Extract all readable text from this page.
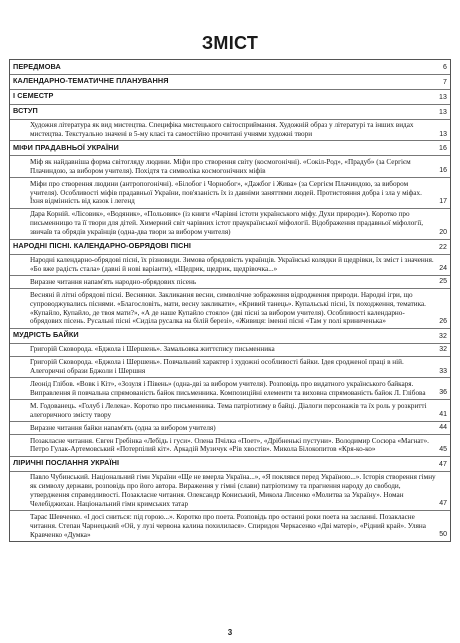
ЗМІСТ
ПЕРЕДМОВА	6
КАЛЕНДАРНО-ТЕМАТИЧНЕ ПЛАНУВАННЯ	7
І СЕМЕСТР	13
ВСТУП	13
Художня література як вид мистецтва. Специфіка мистецького світосприймання. Художній образ у літературі та інших видах мистецтва. Текстуально значені в 5-му класі та самостійно прочитані учнями художні твори	13
МІФИ ПРАДАВНЬОЇ УКРАЇНИ	16
Міф як найдавніша форма світогляду людини. Міфи про створення світу (космогонічні). «Сокіл-Род», «Прадуб» (за Сергієм Плачиндою, за вибором учителя). Похідтя та символіка космогонічних міфів	16
Міфи про створення людини (антропогонічні). «Білобог і Чорнобог», «Дажбог і Жива» (за Сергієм Плачиндою, за вибором учителя). Особливості міфів прадавньої України, пов'язаність їх із давніми заняттями людей. Протистояння добра і зла у міфах. Їхня відмінність від казок і легенд	17
Дара Корній. «Лісовик», «Водяник», «Польовик» (із книги «Чарівні істоти українського міфу. Духи природи»). Коротко про письменницю та її твори для дітей. Химерний світ чарівних істот праукраїнської міфології. Відображення прадавньої міфології, звичаїв та обрядів українців (одна-два твори за вибором учителя)	20
НАРОДНІ ПІСНІ. КАЛЕНДАРНО-ОБРЯДОВІ ПІСНІ	22
Народні календарно-обрядові пісні, їх різновиди. Зимова обрядовість українців. Українські колядки й щедрівки, їх зміст і значення. «Бо вже радість стала» (давні й нові варіанти), «Щедрик, щедрик, щедрівочка...»	24
Виразне читання напам'ять народно-обрядових пісень	25
Весняні й літні обрядові пісні. Веснянки. Закликання весни, символічне зображення відродження природи. Народні ігри, що супроводжувались піснями. «Благословіть, мати, весну закликати», «Кривий танець». Купальські пісні, їх походження, тематика. «Купайло, Купайло, де твоя мати?», «А де наше Купайло стояло» (дві пісні за вибором учителя). Особливості календарно-обрядових пісень. Русальні пісні «Сиділа русалка на білій березі», «Живиця: іменні пісні «Там у полі криниченька»	26
МУДРІСТЬ БАЙКИ	32
Григорій Сковорода. «Бджола і Шершень». Замальовка життєпису письменника	32
Григорій Сковорода. «Бджола і Шершень». Повчальний характер і художні особливості байки. Ідея сродженої праці в ній. Алегоричні образи Бджоли і Шершня	33
Леонід Глібов. «Вовк і Кіт», «Зозуля і Півень» (одна-дві за вибором учителя). Розповідь про видатного українського байкаря. Виправлення й повчальна спрямованість байок письменника. Композиційні елементи та виховна спрямованість байок Л. Глібова 36
М. Годованець. «Голуб і Лелека». Коротко про письменника. Тема патріотизму в байці. Діалоги персонажів та їх роль у розкритті алегоричного змісту твору	41
Виразне читання байки напам'ять (одна за вибором учителя)	44
Позакласне читання. Євген Гребінка «Лебідь і гуси». Олена Пчілка «Поет», «Дрібненькі пустуни». Володимир Сосюра «Магнат». Петро Гулак-Артемовський «Потерпілий кіт». Аркадій Музичук «Рів хвостів». Микола Білокопитов «Кря-ко-ко»	45
ЛІРИЧНІ ПОСЛАННЯ УКРАЇНІ	47
Павло Чубинський. Національний гімн України «Ще не вмерла Україна...», «Я поклявся перед Україною...». Історія створення гімну як символу держави, розповідь про його автора. Вираження у гімні (слави) патріотизму та прагнення народу до свободи, утвердження справедливості. Позакласне читання. Олександр Кониський, Микола Лисенко «Молитва за Україну». Номан Челебіджихан. Національний гімн кримських татар	47
Тарас Шевченко. «І досі сниться: під горою...». Коротко про поета. Розповідь про останні роки поета на засланні. Позакласне читання. Степан Чарнецький «Ой, у лузі червона калина похилилася». Спиридон Черкасенко «Дві матері», «Рідний край». Уляна Кравченко «Думка»	50
3
